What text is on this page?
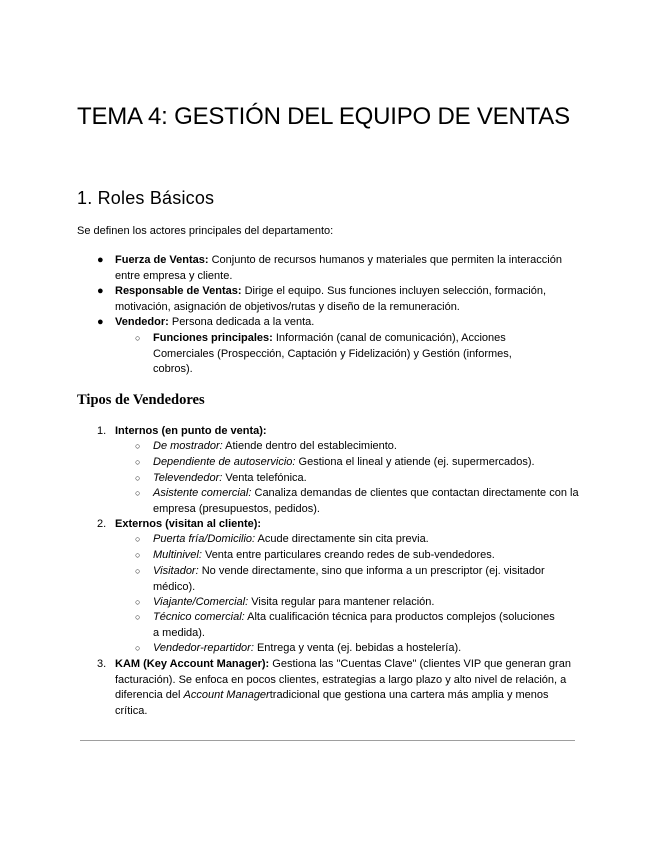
TEMA 4: GESTIÓN DEL EQUIPO DE VENTAS
1. Roles Básicos
Se definen los actores principales del departamento:
● Fuerza de Ventas: Conjunto de recursos humanos y materiales que permiten la interacción entre empresa y cliente.
● Responsable de Ventas: Dirige el equipo. Sus funciones incluyen selección, formación, motivación, asignación de objetivos/rutas y diseño de la remuneración.
● Vendedor: Persona dedicada a la venta.
○ Funciones principales: Información (canal de comunicación), Acciones Comerciales (Prospección, Captación y Fidelización) y Gestión (informes, cobros).
Tipos de Vendedores
1. Internos (en punto de venta):
○ De mostrador: Atiende dentro del establecimiento.
○ Dependiente de autoservicio: Gestiona el lineal y atiende (ej. supermercados).
○ Televendedor: Venta telefónica.
○ Asistente comercial: Canaliza demandas de clientes que contactan directamente con la empresa (presupuestos, pedidos).
2. Externos (visitan al cliente):
○ Puerta fría/Domicilio: Acude directamente sin cita previa.
○ Multinivel: Venta entre particulares creando redes de sub-vendedores.
○ Visitador: No vende directamente, sino que informa a un prescriptor (ej. visitador médico).
○ Viajante/Comercial: Visita regular para mantener relación.
○ Técnico comercial: Alta cualificación técnica para productos complejos (soluciones a medida).
○ Vendedor-repartidor: Entrega y venta (ej. bebidas a hostelería).
3. KAM (Key Account Manager): Gestiona las "Cuentas Clave" (clientes VIP que generan gran facturación). Se enfoca en pocos clientes, estrategias a largo plazo y alto nivel de relación, a diferencia del Account Managertradicional que gestiona una cartera más amplia y menos crítica.
